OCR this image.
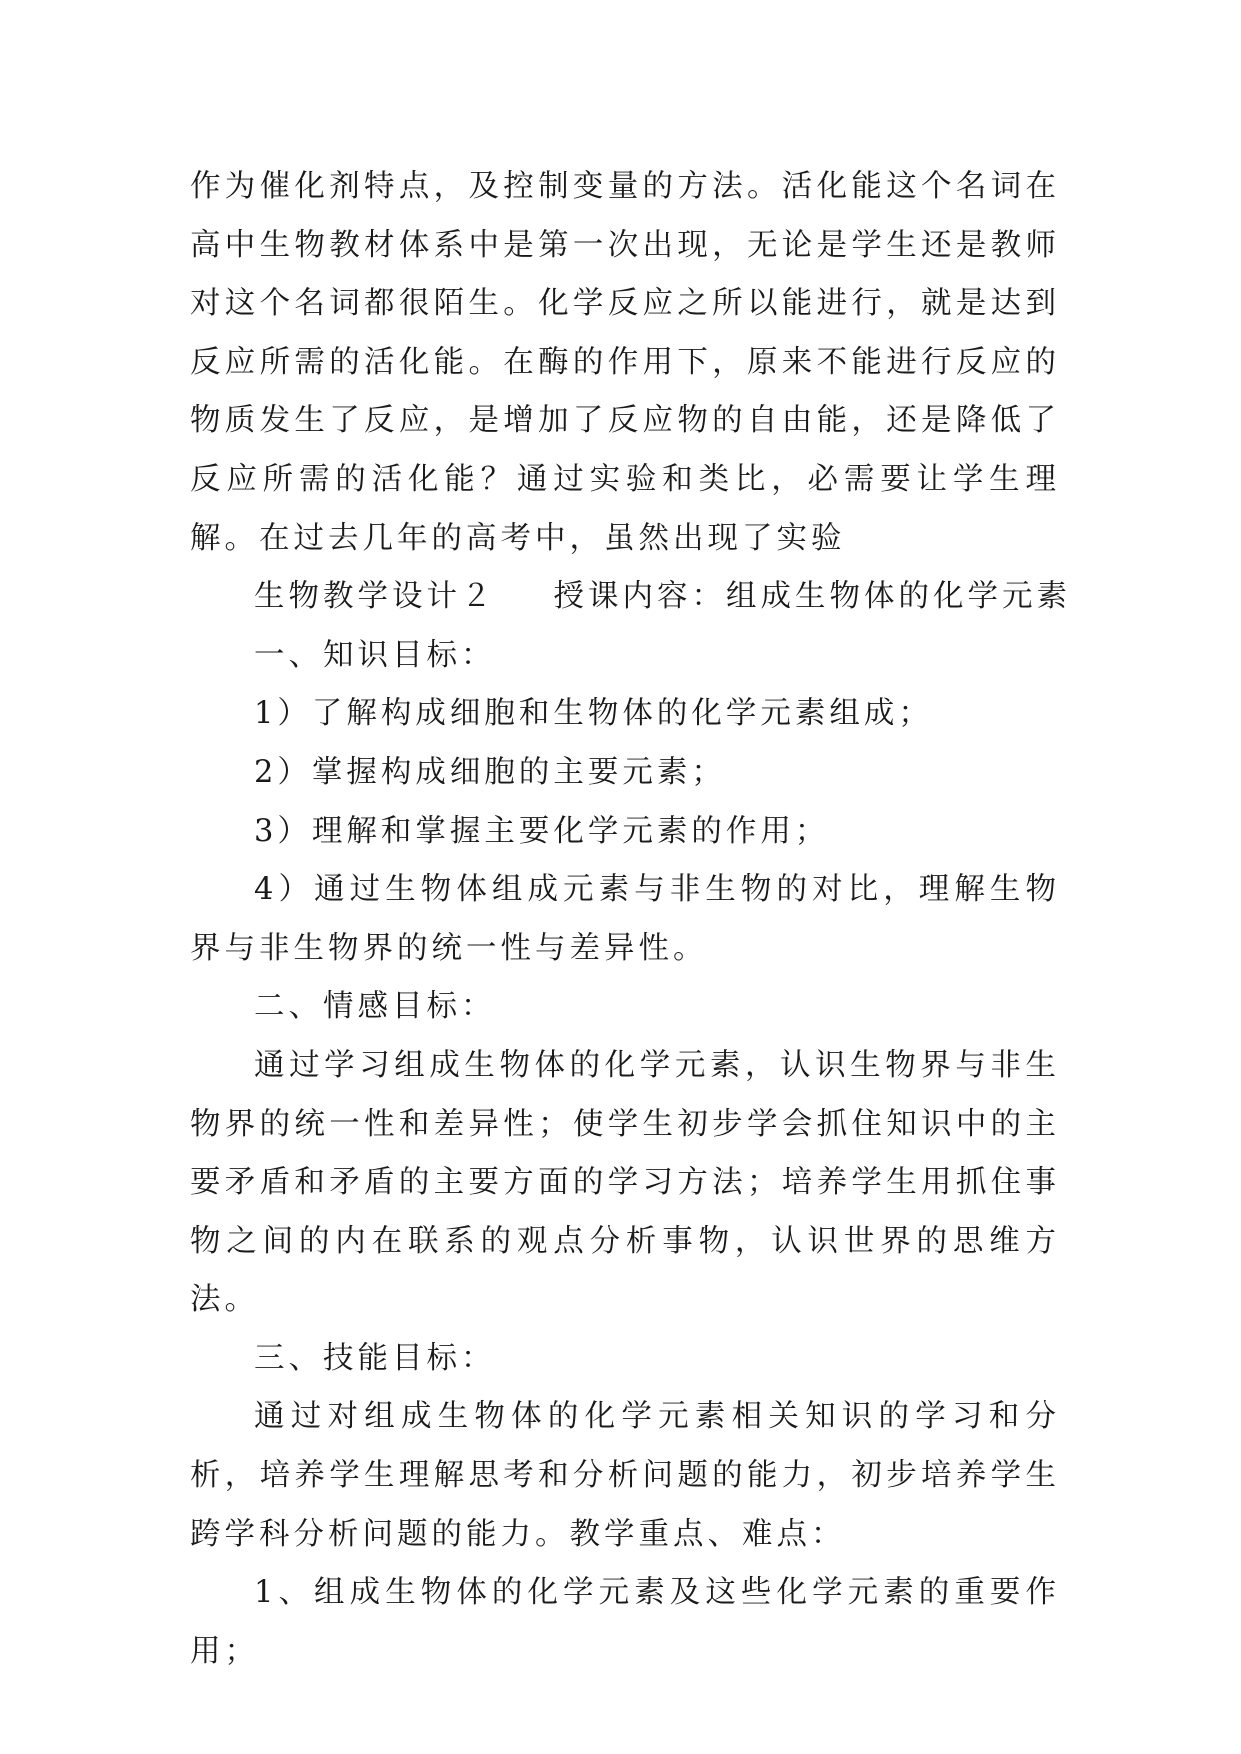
作为催化剂特点，及控制变量的方法。活化能这个名词在高中生物教材体系中是第一次出现，无论是学生还是教师对这个名词都很陌生。化学反应之所以能进行，就是达到反应所需的活化能。在酶的作用下，原来不能进行反应的物质发生了反应，是增加了反应物的自由能，还是降低了反应所需的活化能？通过实验和类比，必需要让学生理解。在过去几年的高考中，虽然出现了实验

生物教学设计２ 授课内容：组成生物体的化学元素

一、知识目标：

1）了解构成细胞和生物体的化学元素组成；

2）掌握构成细胞的主要元素；

3）理解和掌握主要化学元素的作用；

4）通过生物体组成元素与非生物的对比，理解生物界与非生物界的统一性与差异性。

二、情感目标：

通过学习组成生物体的化学元素，认识生物界与非生物界的统一性和差异性；使学生初步学会抓住知识中的主要矛盾和矛盾的主要方面的学习方法；培养学生用抓住事物之间的内在联系的观点分析事物，认识世界的思维方法。

三、技能目标：

通过对组成生物体的化学元素相关知识的学习和分析，培养学生理解思考和分析问题的能力，初步培养学生跨学科分析问题的能力。教学重点、难点：

1、组成生物体的化学元素及这些化学元素的重要作用；
